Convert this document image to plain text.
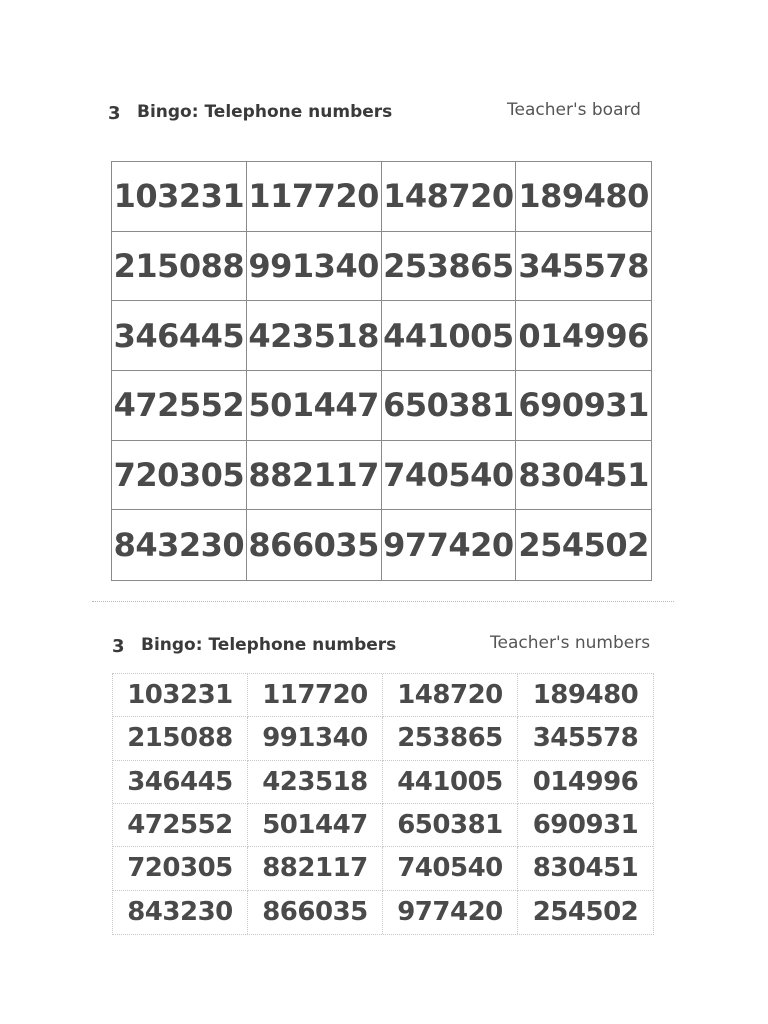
3 Bingo: Telephone numbers	Teacher's board
103231 117720 148720 189480
215088 991340 253865 345578
346445 423518 441005 014996
472552 501447 650381 690931
720305 882117 740540 830451
843230 866035 977420 254502
3 Bingo: Telephone numbers	Teacher's numbers
103231	117720	148720	189480
215088	991340	253865	345578
346445	423518	441005	014996
472552	501447	650381	690931
720305	882117	740540	830451
843230	866035	977420	254502
